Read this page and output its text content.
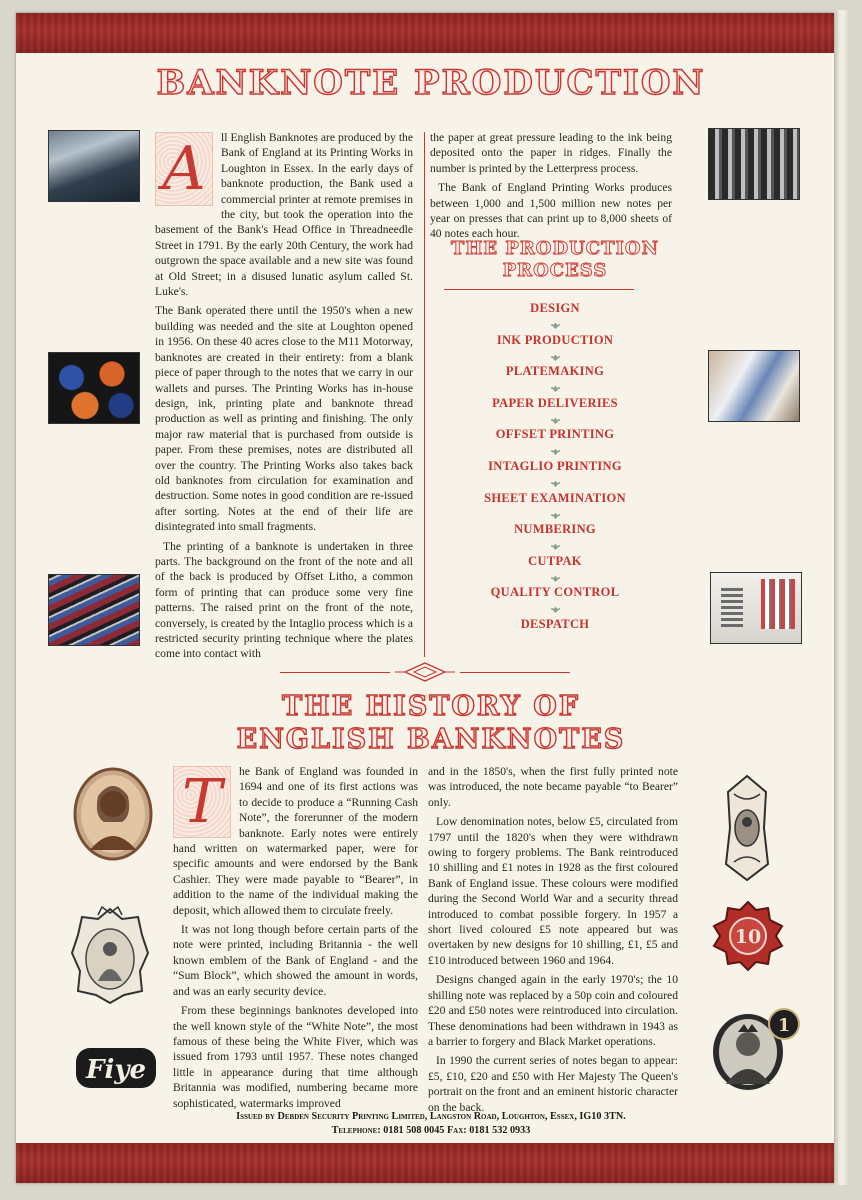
BANKNOTE PRODUCTION
A	ll English Banknotes are produced by the Bank of England at its Printing Works in Loughton in Essex. In the early days of banknote production, the Bank used a commercial printer at remote premises in the city, but took the operation into the basement of the Bank's Head Office in Threadneedle Street in 1791. By the early 20th Century, the work had outgrown the space available and a new site was found at Old Street; in a disused lunatic asylum called St. Luke's.

The Bank operated there until the 1950's when a new building was needed and the site at Loughton opened in 1956. On these 40 acres close to the M11 Motorway, banknotes are created in their entirety: from a blank piece of paper through to the notes that we carry in our wallets and purses. The Printing Works has in-house design, ink, printing plate and banknote thread production as well as printing and finishing. The only major raw material that is purchased from outside is paper. From these premises, notes are distributed all over the country. The Printing Works also takes back old banknotes from circulation for examination and destruction. Some notes in good condition are re-issued after sorting. Notes at the end of their life are disintegrated into small fragments.

The printing of a banknote is undertaken in three parts. The background on the front of the note and all of the back is produced by Offset Litho, a common form of printing that can produce some very fine patterns. The raised print on the front of the note, conversely, is created by the Intaglio process which is a restricted security printing technique where the plates come into contact with

the paper at great pressure leading to the ink being deposited onto the paper in ridges. Finally the number is printed by the Letterpress process.

The Bank of England Printing Works produces between 1,000 and 1,500 million new notes per year on presses that can print up to 8,000 sheets of 40 notes each hour.

THE PRODUCTION PROCESS
DESIGN
•◆•
INK PRODUCTION
•◆•
PLATEMAKING
•◆•
PAPER DELIVERIES
•◆•
OFFSET PRINTING
•◆•
INTAGLIO PRINTING
•◆•
SHEET EXAMINATION
•◆•
NUMBERING
•◆•
CUTPAK
•◆•
QUALITY CONTROL
•◆•
DESPATCH
THE HISTORY OF
ENGLISH BANKNOTES
Fiye
10
1
T	he Bank of England was founded in 1694 and one of its first actions was to decide to produce a “Running Cash Note”, the forerunner of the modern banknote. Early notes were entirely hand written on watermarked paper, were for specific amounts and were endorsed by the Bank Cashier. They were made payable to “Bearer”, in addition to the name of the individual making the deposit, which allowed them to circulate freely.

It was not long though before certain parts of the note were printed, including Britannia - the well known emblem of the Bank of England - and the “Sum Block”, which showed the amount in words, and was an early security device.

From these beginnings banknotes developed into the well known style of the “White Note”, the most famous of these being the White Fiver, which was issued from 1793 until 1957. These notes changed little in appearance during that time although Britannia was modified, numbering became more sophisticated, watermarks improved

and in the 1850's, when the first fully printed note was introduced, the note became payable “to Bearer” only.

Low denomination notes, below £5, circulated from 1797 until the 1820's when they were withdrawn owing to forgery problems. The Bank reintroduced 10 shilling and £1 notes in 1928 as the first coloured Bank of England issue. These colours were modified during the Second World War and a security thread introduced to combat possible forgery. In 1957 a short lived coloured £5 note appeared but was overtaken by new designs for 10 shilling, £1, £5 and £10 introduced between 1960 and 1964.

Designs changed again in the early 1970's; the 10 shilling note was replaced by a 50p coin and coloured £20 and £50 notes were reintroduced into circulation. These denominations had been withdrawn in 1943 as a barrier to forgery and Black Market operations.

In 1990 the current series of notes began to appear: £5, £10, £20 and £50 with Her Majesty The Queen's portrait on the front and an eminent historic character on the back.

Issued by Debden Security Printing Limited, Langston Road, Loughton, Essex, IG10 3TN.
Telephone: 0181 508 0045 Fax: 0181 532 0933
